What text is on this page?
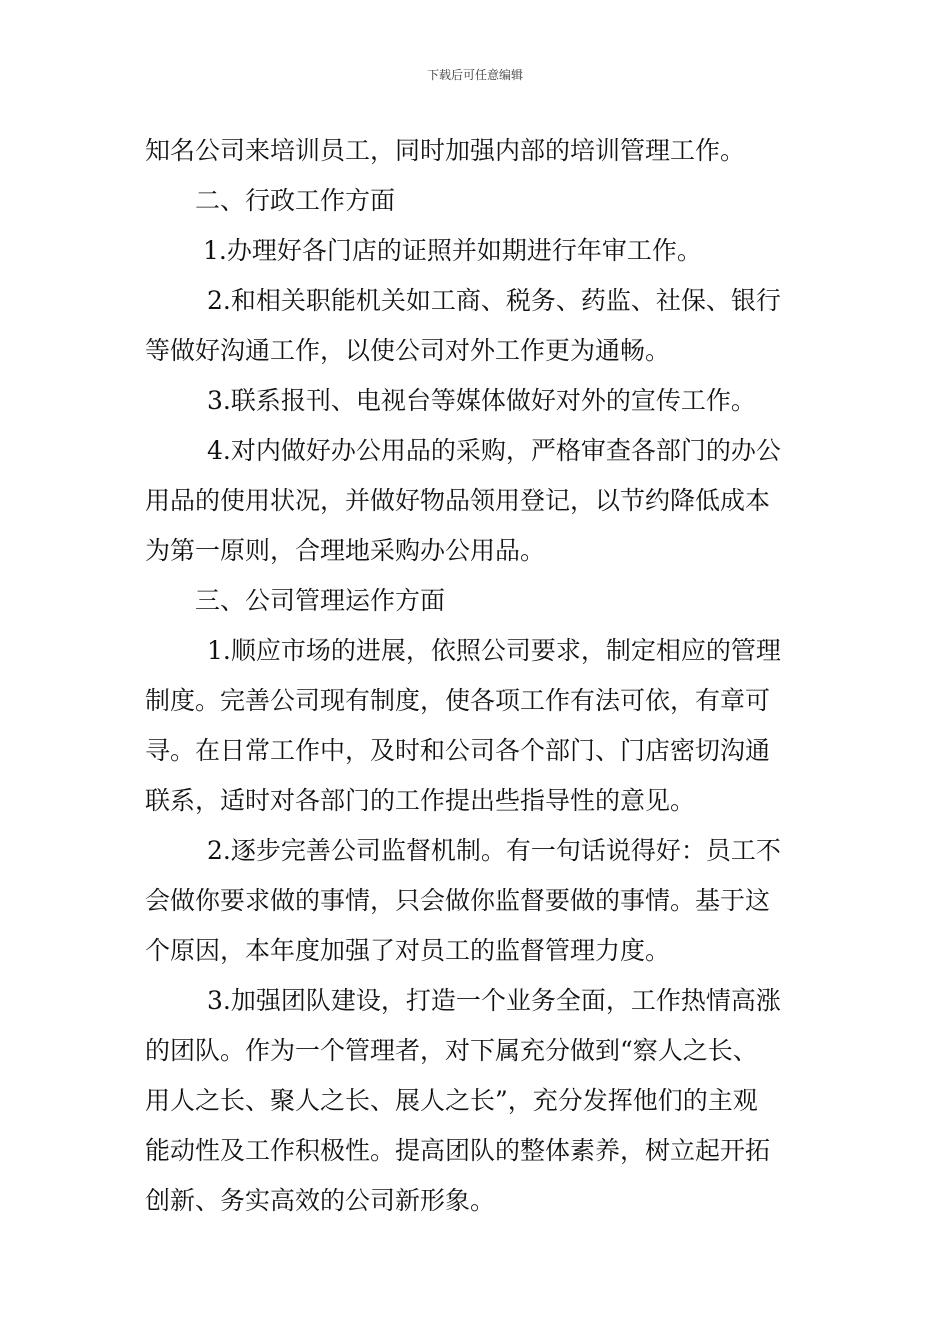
下载后可任意编辑

知名公司来培训员工，同时加强内部的培训管理工作。

二、行政工作方面

1.办理好各门店的证照并如期进行年审工作。

2.和相关职能机关如工商、税务、药监、社保、银行

等做好沟通工作，以使公司对外工作更为通畅。

3.联系报刊、电视台等媒体做好对外的宣传工作。

4.对内做好办公用品的采购，严格审查各部门的办公

用品的使用状况，并做好物品领用登记，以节约降低成本

为第一原则，合理地采购办公用品。

三、公司管理运作方面

1.顺应市场的进展，依照公司要求，制定相应的管理

制度。完善公司现有制度，使各项工作有法可依，有章可

寻。在日常工作中，及时和公司各个部门、门店密切沟通

联系，适时对各部门的工作提出些指导性的意见。

2.逐步完善公司监督机制。有一句话说得好：员工不

会做你要求做的事情，只会做你监督要做的事情。基于这

个原因，本年度加强了对员工的监督管理力度。

3.加强团队建设，打造一个业务全面，工作热情高涨

的团队。作为一个管理者，对下属充分做到“察人之长、

用人之长、聚人之长、展人之长”，充分发挥他们的主观

能动性及工作积极性。提高团队的整体素养，树立起开拓

创新、务实高效的公司新形象。
